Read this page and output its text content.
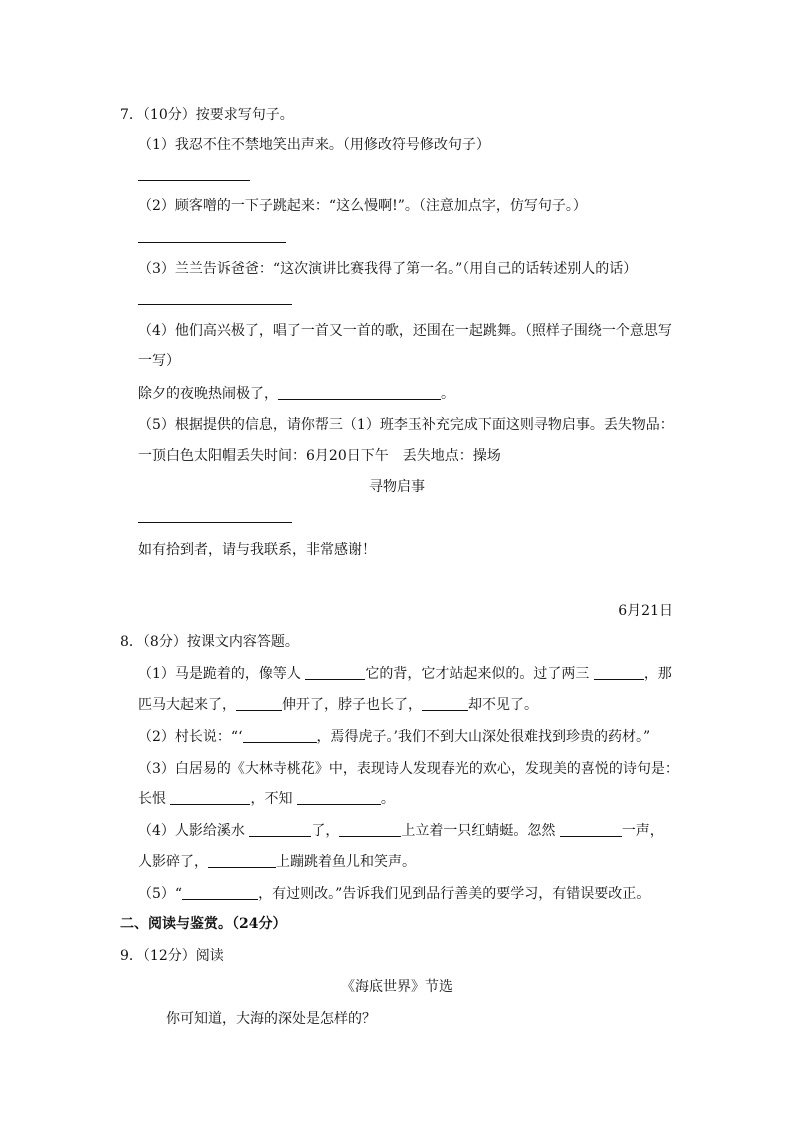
7．（10分）按要求写句子。
（1）我忍不住不禁地笑出声来。（用修改符号修改句子）
（2）顾客噌的一下子跳起来：“这么慢啊!”。（注意加点字，仿写句子。）
（3）兰兰告诉爸爸：“这次演讲比赛我得了第一名。”（用自己的话转述别人的话）
（4）他们高兴极了，唱了一首又一首的歌，还围在一起跳舞。（照样子围绕一个意思写
一写）
除夕的夜晚热闹极了，	。
（5）根据提供的信息，请你帮三（1）班李玉补充完成下面这则寻物启事。丢失物品：
一顶白色太阳帽丢失时间：6月20日下午　丢失地点：操场
寻物启事
如有拾到者，请与我联系，非常感谢！
6月21日
8．（8分）按课文内容答题。
（1）马是跪着的，像等人	它的背，它才站起来似的。过了两三	，那
匹马大起来了，	伸开了，脖子也长了，	却不见了。
（2）村长说：“‘	，焉得虎子。’我们不到大山深处很难找到珍贵的药材。”
（3）白居易的《大林寺桃花》中，表现诗人发现春光的欢心，发现美的喜悦的诗句是：
长恨	，不知	。
（4）人影给溪水	了，	上立着一只红蜻蜓。忽然	一声，
人影碎了，	上蹦跳着鱼儿和笑声。
（5）“	，有过则改。”告诉我们见到品行善美的要学习，有错误要改正。
二、阅读与鉴赏。（24分）
9．（12分）阅读
《海底世界》节选
你可知道，大海的深处是怎样的？
